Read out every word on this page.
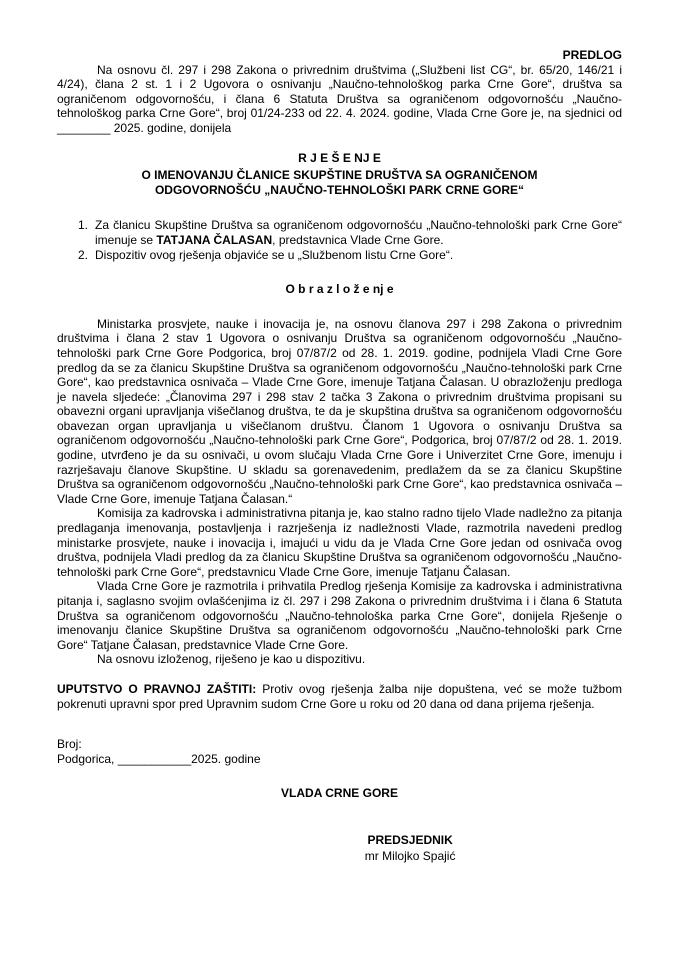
PREDLOG

Na osnovu čl. 297 i 298 Zakona o privrednim društvima („Službeni list CG“, br. 65/20, 146/21 i 4/24), člana 2 st. 1 i 2 Ugovora o osnivanju „Naučno-tehnološkog parka Crne Gore“, društva sa ograničenom odgovornošću, i člana 6 Statuta Društva sa ograničenom odgovornošću „Naučno-tehnološkog parka Crne Gore“, broj 01/24-233 od 22. 4. 2024. godine, Vlada Crne Gore je, na sjednici od ________ 2025. godine, donijela

R J E Š E NJ E
O IMENOVANJU ČLANICE SKUPŠTINE DRUŠTVA SA OGRANIČENOM ODGOVORNOŠĆU „NAUČNO-TEHNOLOŠKI PARK CRNE GORE“
1. Za članicu Skupštine Društva sa ograničenom odgovornošću „Naučno-tehnološki park Crne Gore“ imenuje se TATJANA ČALASAN, predstavnica Vlade Crne Gore.

2. Dispozitiv ovog rješenja objaviće se u „Službenom listu Crne Gore“.

O b r a z l o ž e nj e

Ministarka prosvjete, nauke i inovacija je, na osnovu članova 297 i 298 Zakona o privrednim društvima i člana 2 stav 1 Ugovora o osnivanju Društva sa ograničenom odgovornošću „Naučno-tehnološki park Crne Gore Podgorica, broj 07/87/2 od 28. 1. 2019. godine, podnijela Vladi Crne Gore predlog da se za članicu Skupštine Društva sa ograničenom odgovornošću „Naučno-tehnološki park Crne Gore“, kao predstavnica osnivača – Vlade Crne Gore, imenuje Tatjana Čalasan. U obrazloženju predloga je navela sljedeće: „Članovima 297 i 298 stav 2 tačka 3 Zakona o privrednim društvima propisani su obavezni organi upravljanja višečlanog društva, te da je skupština društva sa ograničenom odgovornošću obavezan organ upravljanja u višečlanom društvu. Članom 1 Ugovora o osnivanju Društva sa ograničenom odgovornošću „Naučno-tehnološki park Crne Gore“, Podgorica, broj 07/87/2 od 28. 1. 2019. godine, utvrđeno je da su osnivači, u ovom slučaju Vlada Crne Gore i Univerzitet Crne Gore, imenuju i razrješavaju članove Skupštine. U skladu sa gorenavedenim, predlažem da se za članicu Skupštine Društva sa ograničenom odgovornošću „Naučno-tehnološki park Crne Gore“, kao predstavnica osnivača – Vlade Crne Gore, imenuje Tatjana Čalasan.“

Komisija za kadrovska i administrativna pitanja je, kao stalno radno tijelo Vlade nadležno za pitanja predlaganja imenovanja, postavljenja i razrješenja iz nadležnosti Vlade, razmotrila navedeni predlog ministarke prosvjete, nauke i inovacija i, imajući u vidu da je Vlada Crne Gore jedan od osnivača ovog društva, podnijela Vladi predlog da za članicu Skupštine Društva sa ograničenom odgovornošću „Naučno-tehnološki park Crne Gore“, predstavnicu Vlade Crne Gore, imenuje Tatjanu Čalasan.

Vlada Crne Gore je razmotrila i prihvatila Predlog rješenja Komisije za kadrovska i administrativna pitanja i, saglasno svojim ovlašćenjima iz čl. 297 i 298 Zakona o privrednim društvima i i člana 6 Statuta Društva sa ograničenom odgovornošću „Naučno-tehnološka parka Crne Gore“, donijela Rješenje o imenovanju članice Skupštine Društva sa ograničenom odgovornošću „Naučno-tehnološki park Crne Gore“ Tatjane Čalasan, predstavnice Vlade Crne Gore.

Na osnovu izloženog, riješeno je kao u dispozitivu.

UPUTSTVO O PRAVNOJ ZAŠTITI: Protiv ovog rješenja žalba nije dopuštena, već se može tužbom pokrenuti upravni spor pred Upravnim sudom Crne Gore u roku od 20 dana od dana prijema rješenja.

Broj:

Podgorica, ___________2025. godine

VLADA CRNE GORE
PREDSJEDNIK
mr Milojko Spajić
